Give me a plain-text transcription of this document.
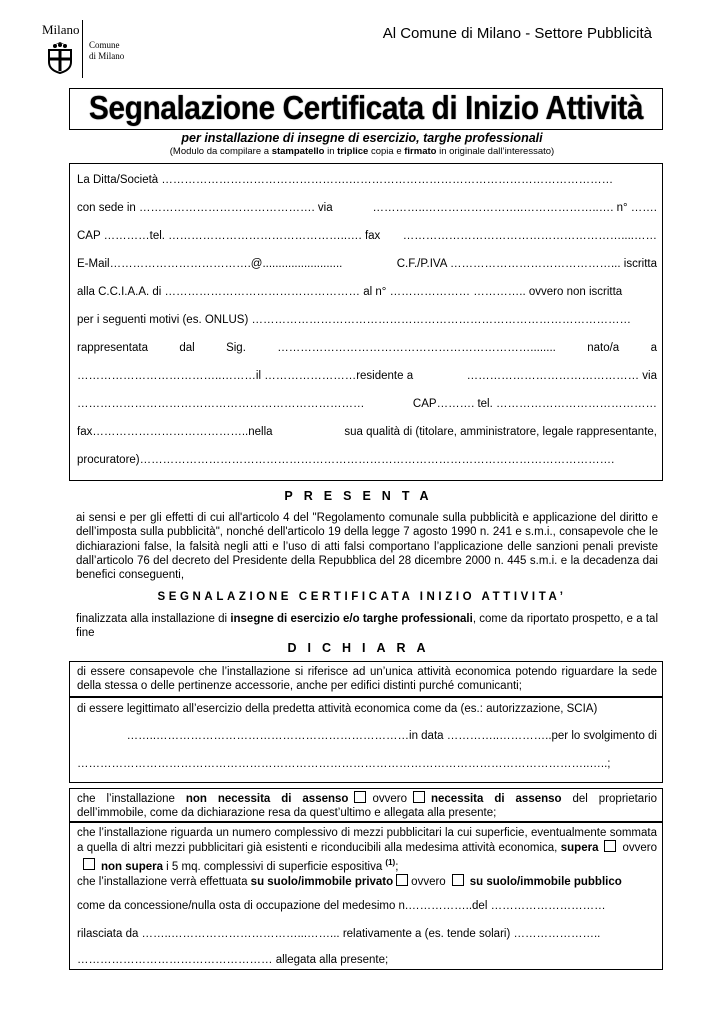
Milano
Comune
di Milano
Al Comune di Milano - Settore Pubblicità
Segnalazione Certificata di Inizio Attività
per installazione di insegne di esercizio, targhe professionali
(Modulo da compilare a stampatello in triplice copia e firmato in originale dall’interessato)
La Ditta/Società ………………………………………….……………………………………………………………
con sede in ………………………………………. via	…………..……………………..………………..…. n° …….
CAP …………tel. ………………………………………..…. fax …………………………………………………....……
E-Mail……………………………….@.........................	C.F./P.IVA ……………………………………... iscritta
alla C.C.I.A.A. di …………………………………………… al n° ………………… ………….. ovvero non iscritta
per i seguenti motivi (es. ONLUS) ………………………………………………………………………………………
rappresentata	dal	Sig.	…………………………………………………………........	nato/a	a
………………………………..………il ……………………residente a	……………………………………… via
…………………………………………………………………	CAP………. tel. ……………………………………
fax…………………………………..nella	sua qualità di (titolare, amministratore, legale rappresentante,
procuratore)…………………………………………………………………………………………………………….
PRESENTA
ai sensi e per gli effetti di cui all'articolo 4 del "Regolamento comunale sulla pubblicità e applicazione del diritto e dell’imposta sulla pubblicità", nonché dell'articolo 19 della legge 7 agosto 1990 n. 241 e s.m.i., consapevole che le dichiarazioni false, la falsità negli atti e l’uso di atti falsi comportano l’applicazione delle sanzioni penali previste dall’articolo 76 del decreto del Presidente della Repubblica del 28 dicembre 2000 n. 445 s.m.i. e la decadenza dai benefici conseguenti,
SEGNALAZIONE CERTIFICATA INIZIO ATTIVITA’
finalizzata alla installazione di insegne di esercizio e/o targhe professionali, come da riportato prospetto, e a tal fine
DICHIARA
di essere consapevole che l’installazione si riferisce ad un’unica attività economica potendo riguardare la sede della stessa o delle pertinenze accessorie, anche per edifici distinti purché comunicanti;
di essere legittimato all’esercizio della predetta attività economica come da (es.: autorizzazione, SCIA)
……..…………………………………………………………in data …………..…………..per lo svolgimento di
……………………………………………………………………………………………………………………..…..;
che l’installazione non necessita di assenso ovvero necessita di assenso del proprietario dell’immobile, come da dichiarazione resa da quest’ultimo e allegata alla presente;
che l’installazione riguarda un numero complessivo di mezzi pubblicitari la cui superficie, eventualmente sommata a quella di altri mezzi pubblicitari già esistenti e riconducibili alla medesima attività economica, supera ovveronon supera i 5 mq. complessivi di superficie espositiva $^{(1)}$;
che l’installazione verrà effettuata su suolo/immobile privato ovvero su suolo/immobile pubblico
come da concessione/nulla osta di occupazione del medesimo n.……………..del …………………………
rilasciata da ……..……………………………...……... relativamente a (es. tende solari) …………………..
…………………………………………… allegata alla presente;
